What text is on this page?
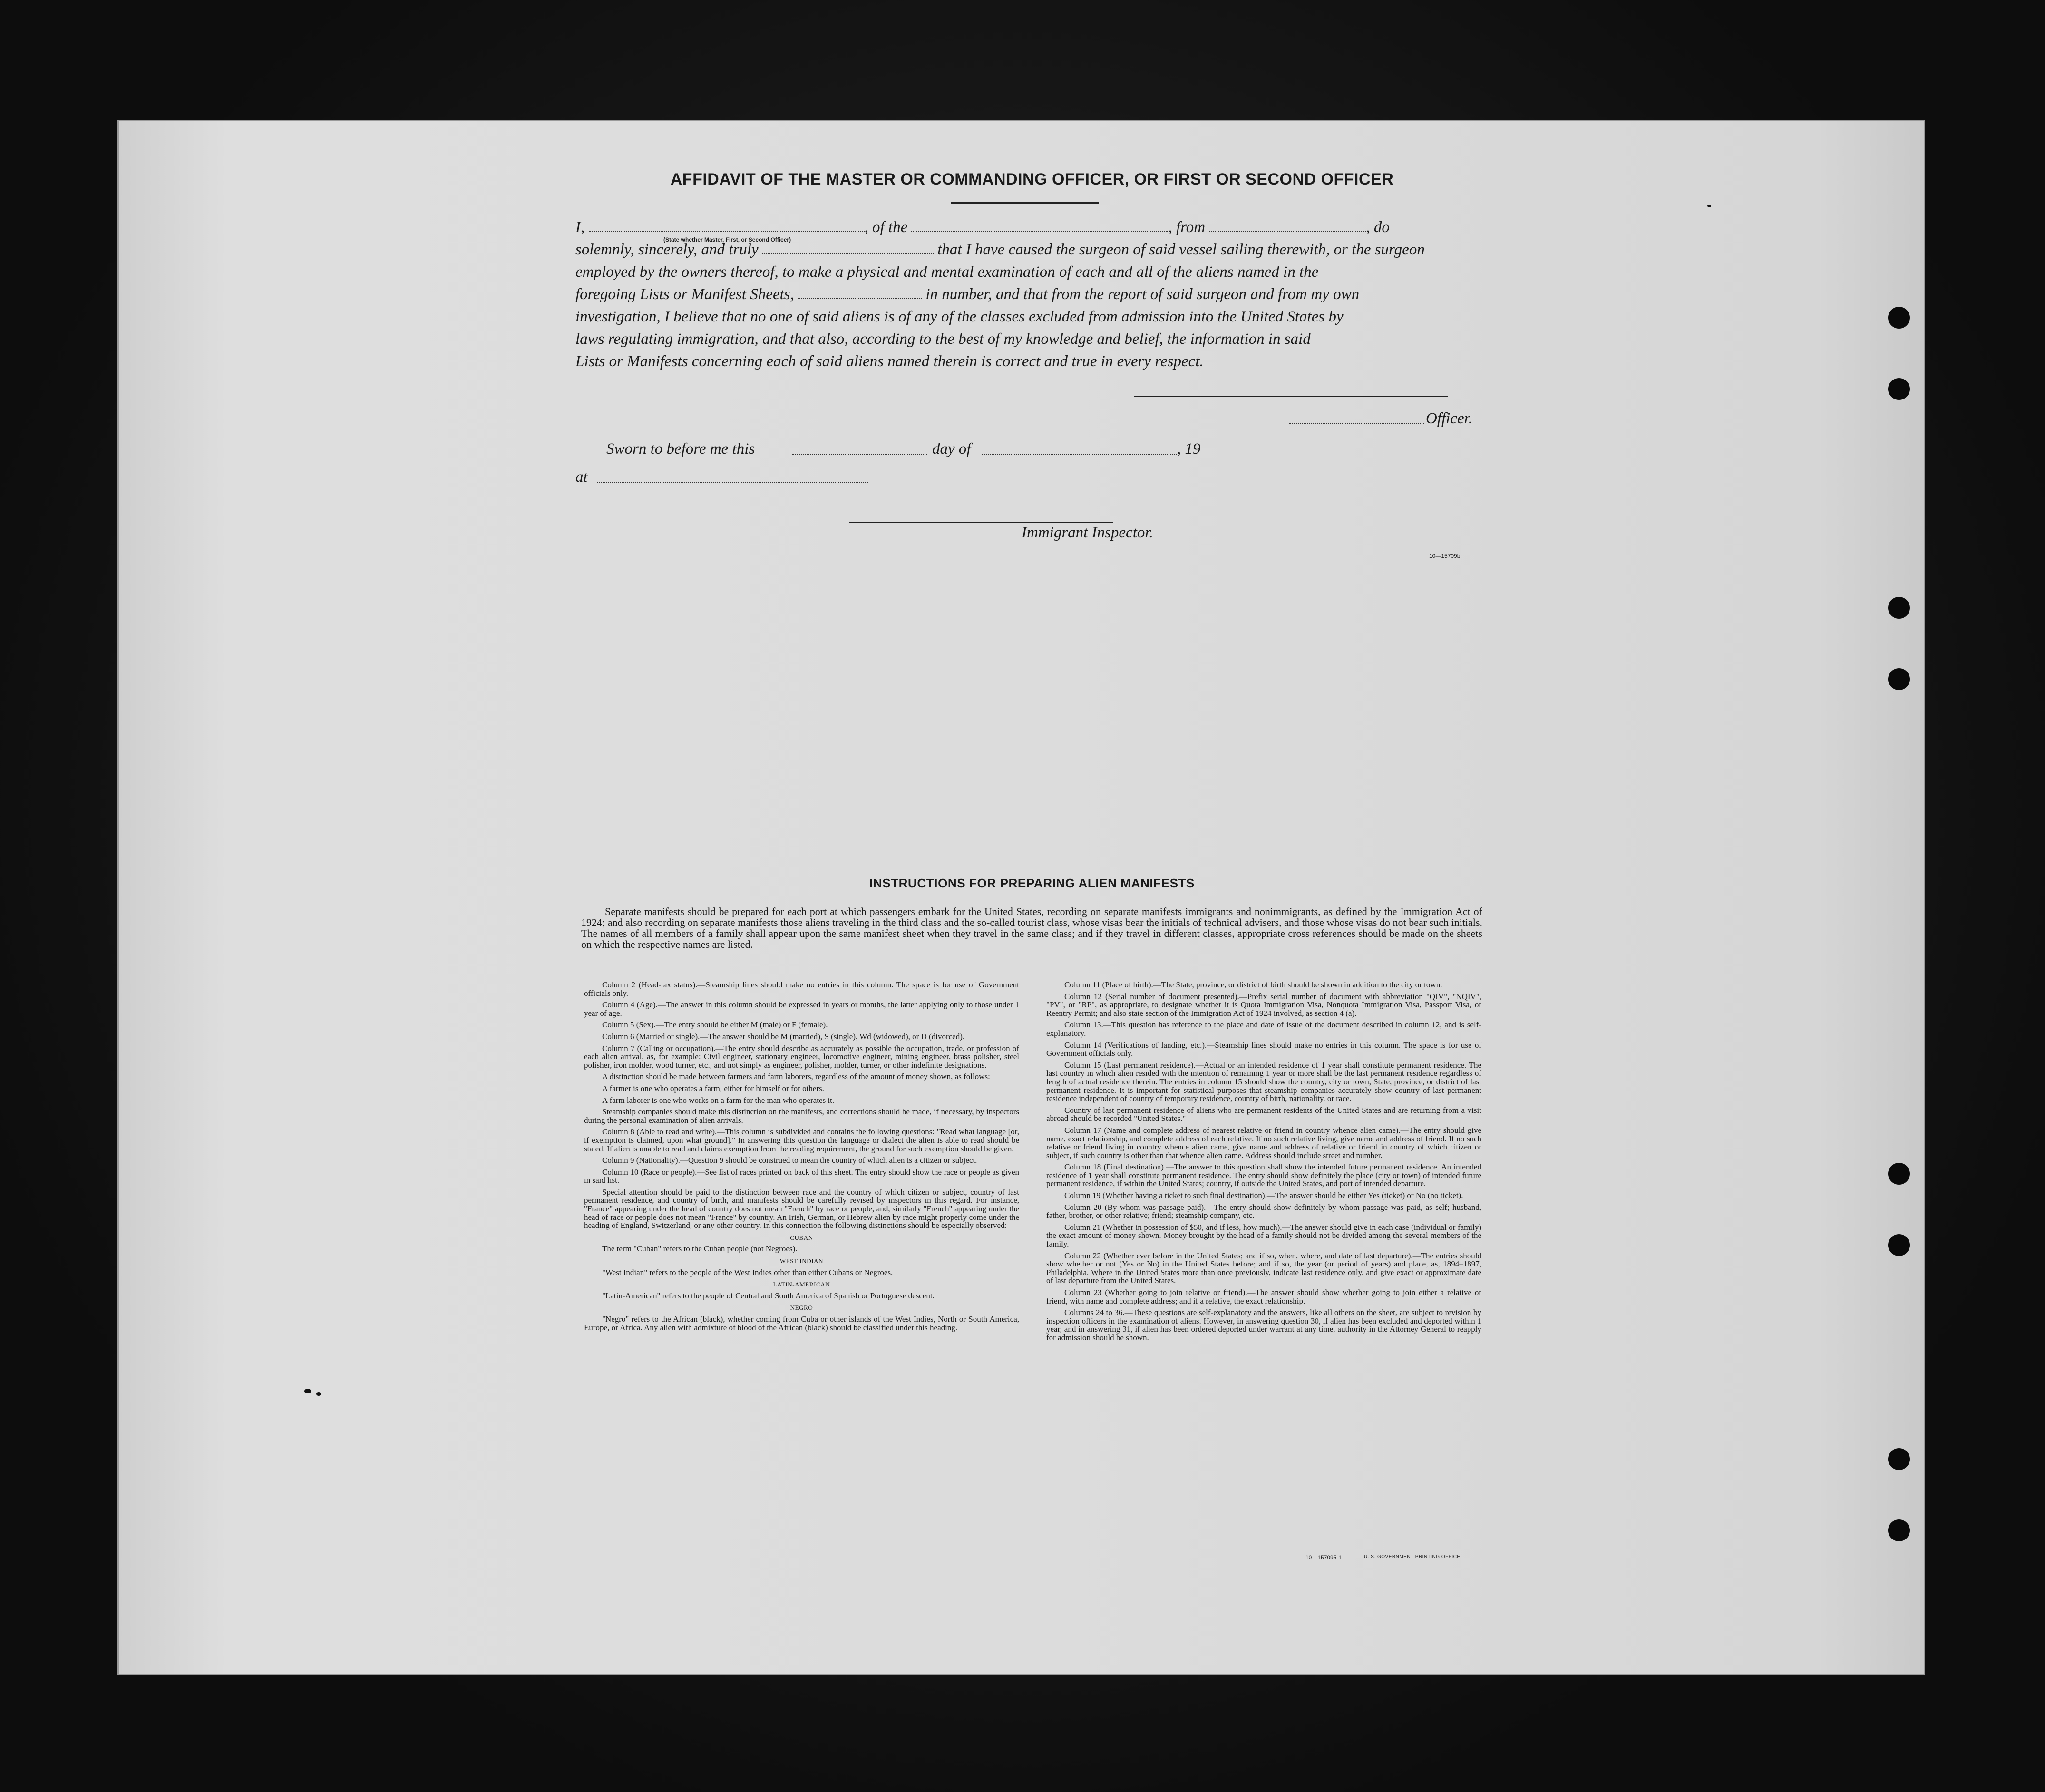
AFFIDAVIT OF THE MASTER OR COMMANDING OFFICER, OR FIRST OR SECOND OFFICER
I,	, of the	, from	, do
solemnly, sincerely, and truly	that I have caused the surgeon of said vessel sailing therewith, or the surgeon
employed by the owners thereof, to make a physical and mental examination of each and all of the aliens named in the
foregoing Lists or Manifest Sheets,	in number, and that from the report of said surgeon and from my own
investigation, I believe that no one of said aliens is of any of the classes excluded from admission into the United States by
laws regulating immigration, and that also, according to the best of my knowledge and belief, the information in said
Lists or Manifests concerning each of said aliens named therein is correct and true in every respect.
(State whether Master, First, or Second Officer)
Officer.
Sworn to before me this	day of	, 19
at
Immigrant Inspector.
10—15709b
INSTRUCTIONS FOR PREPARING ALIEN MANIFESTS
Separate manifests should be prepared for each port at which passengers embark for the United States, recording on separate manifests immigrants and nonimmigrants, as defined by the Immigration Act of 1924; and also recording on separate manifests those aliens traveling in the third class and the so-called tourist class, whose visas bear the initials of technical advisers, and those whose visas do not bear such initials. The names of all members of a family shall appear upon the same manifest sheet when they travel in the same class; and if they travel in different classes, appropriate cross references should be made on the sheets on which the respective names are listed.

Column 2 (Head-tax status).—Steamship lines should make no entries in this column. The space is for use of Government officials only.

Column 4 (Age).—The answer in this column should be expressed in years or months, the latter applying only to those under 1 year of age.

Column 5 (Sex).—The entry should be either M (male) or F (female).

Column 6 (Married or single).—The answer should be M (married), S (single), Wd (widowed), or D (divorced).

Column 7 (Calling or occupation).—The entry should describe as accurately as possible the occupation, trade, or profession of each alien arrival, as, for example: Civil engineer, stationary engineer, locomotive engineer, mining engineer, brass polisher, steel polisher, iron molder, wood turner, etc., and not simply as engineer, polisher, molder, turner, or other indefinite designations.

A distinction should be made between farmers and farm laborers, regardless of the amount of money shown, as follows:

A farmer is one who operates a farm, either for himself or for others.

A farm laborer is one who works on a farm for the man who operates it.

Steamship companies should make this distinction on the manifests, and corrections should be made, if necessary, by inspectors during the personal examination of alien arrivals.

Column 8 (Able to read and write).—This column is subdivided and contains the following questions: "Read what language [or, if exemption is claimed, upon what ground]." In answering this question the language or dialect the alien is able to read should be stated. If alien is unable to read and claims exemption from the reading requirement, the ground for such exemption should be given.

Column 9 (Nationality).—Question 9 should be construed to mean the country of which alien is a citizen or subject.

Column 10 (Race or people).—See list of races printed on back of this sheet. The entry should show the race or people as given in said list.

Special attention should be paid to the distinction between race and the country of which citizen or subject, country of last permanent residence, and country of birth, and manifests should be carefully revised by inspectors in this regard. For instance, "France" appearing under the head of country does not mean "French" by race or people, and, similarly "French" appearing under the head of race or people does not mean "France" by country. An Irish, German, or Hebrew alien by race might properly come under the heading of England, Switzerland, or any other country. In this connection the following distinctions should be especially observed:

CUBAN

The term "Cuban" refers to the Cuban people (not Negroes).

WEST INDIAN

"West Indian" refers to the people of the West Indies other than either Cubans or Negroes.

LATIN-AMERICAN

"Latin-American" refers to the people of Central and South America of Spanish or Portuguese descent.

NEGRO

"Negro" refers to the African (black), whether coming from Cuba or other islands of the West Indies, North or South America, Europe, or Africa. Any alien with admixture of blood of the African (black) should be classified under this heading.

Column 11 (Place of birth).—The State, province, or district of birth should be shown in addition to the city or town.

Column 12 (Serial number of document presented).—Prefix serial number of document with abbreviation "QIV", "NQIV", "PV", or "RP", as appropriate, to designate whether it is Quota Immigration Visa, Nonquota Immigration Visa, Passport Visa, or Reentry Permit; and also state section of the Immigration Act of 1924 involved, as section 4 (a).

Column 13.—This question has reference to the place and date of issue of the document described in column 12, and is self-explanatory.

Column 14 (Verifications of landing, etc.).—Steamship lines should make no entries in this column. The space is for use of Government officials only.

Column 15 (Last permanent residence).—Actual or an intended residence of 1 year shall constitute permanent residence. The last country in which alien resided with the intention of remaining 1 year or more shall be the last permanent residence regardless of length of actual residence therein. The entries in column 15 should show the country, city or town, State, province, or district of last permanent residence. It is important for statistical purposes that steamship companies accurately show country of last permanent residence independent of country of temporary residence, country of birth, nationality, or race.

Country of last permanent residence of aliens who are permanent residents of the United States and are returning from a visit abroad should be recorded "United States."

Column 17 (Name and complete address of nearest relative or friend in country whence alien came).—The entry should give name, exact relationship, and complete address of each relative. If no such relative living, give name and address of friend. If no such relative or friend living in country whence alien came, give name and address of relative or friend in country of which citizen or subject, if such country is other than that whence alien came. Address should include street and number.

Column 18 (Final destination).—The answer to this question shall show the intended future permanent residence. An intended residence of 1 year shall constitute permanent residence. The entry should show definitely the place (city or town) of intended future permanent residence, if within the United States; country, if outside the United States, and port of intended departure.

Column 19 (Whether having a ticket to such final destination).—The answer should be either Yes (ticket) or No (no ticket).

Column 20 (By whom was passage paid).—The entry should show definitely by whom passage was paid, as self; husband, father, brother, or other relative; friend; steamship company, etc.

Column 21 (Whether in possession of $50, and if less, how much).—The answer should give in each case (individual or family) the exact amount of money shown. Money brought by the head of a family should not be divided among the several members of the family.

Column 22 (Whether ever before in the United States; and if so, when, where, and date of last departure).—The entries should show whether or not (Yes or No) in the United States before; and if so, the year (or period of years) and place, as, 1894–1897, Philadelphia. Where in the United States more than once previously, indicate last residence only, and give exact or approximate date of last departure from the United States.

Column 23 (Whether going to join relative or friend).—The answer should show whether going to join either a relative or friend, with name and complete address; and if a relative, the exact relationship.

Columns 24 to 36.—These questions are self-explanatory and the answers, like all others on the sheet, are subject to revision by inspection officers in the examination of aliens. However, in answering question 30, if alien has been excluded and deported within 1 year, and in answering 31, if alien has been ordered deported under warrant at any time, authority in the Attorney General to reapply for admission should be shown.

10—157095-1	U. S. GOVERNMENT PRINTING OFFICE
